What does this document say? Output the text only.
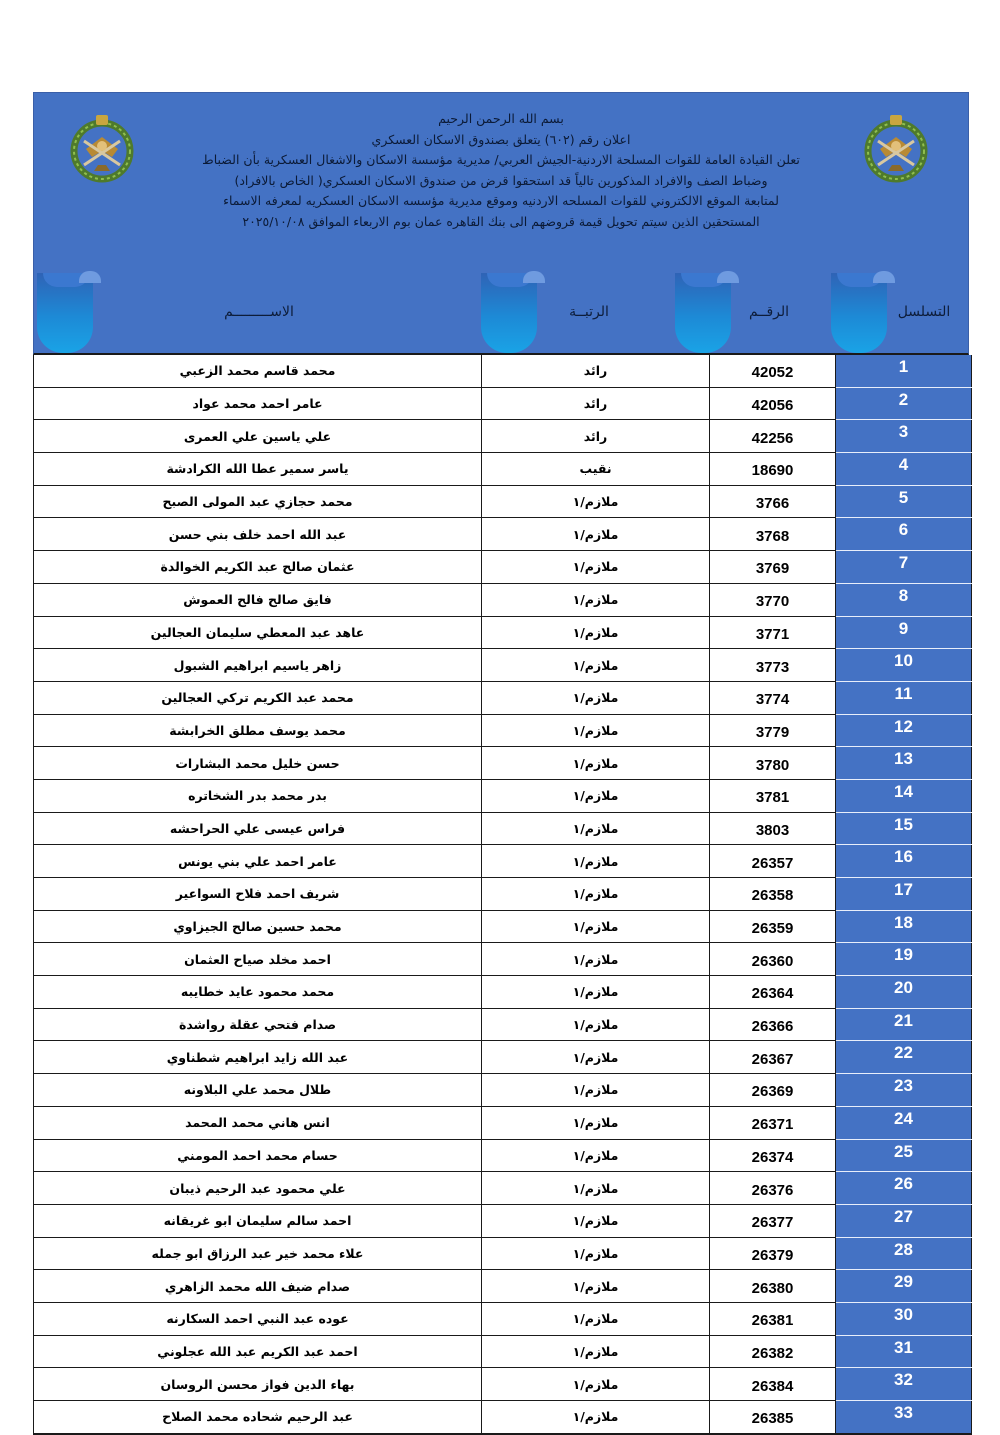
بسم الله الرحمن الرحيم
اعلان رقم (٦٠٢) يتعلق بصندوق الاسكان العسكري
تعلن القيادة العامة للقوات المسلحة الاردنية-الجيش العربي/ مديرية مؤسسة الاسكان والاشغال العسكرية بأن الضباط
وضباط الصف والافراد المذكورين تالياً قد استحقوا قرض من صندوق الاسكان العسكري( الخاص بالافراد)
لمتابعة الموقع الالكتروني للقوات المسلحه الاردنيه وموقع مديرية مؤسسه الاسكان العسكريه لمعرفه الاسماء
المستحقين الذين سيتم تحويل قيمة قروضهم الى بنك القاهره عمان بوم الاربعاء الموافق ٢٠٢٥/١٠/٠٨
الاســـــــــم	الرتبــة	الرقــم	التسلسل
محمد قاسم محمد الزعبي	رائد	42052	1
عامر احمد محمد عواد	رائد	42056	2
علي ياسين علي العمرى	رائد	42256	3
ياسر سمير عطا الله الكرادشة	نقيب	18690	4
محمد حجازي عبد المولى الصبح	ملازم/١	3766	5
عبد الله احمد خلف بني حسن	ملازم/١	3768	6
عثمان صالح عبد الكريم الخوالدة	ملازم/١	3769	7
فايق صالح فالح العموش	ملازم/١	3770	8
عاهد عبد المعطي سليمان العجالين	ملازم/١	3771	9
زاهر ياسيم ابراهيم الشبول	ملازم/١	3773	10
محمد عبد الكريم تركي العجالين	ملازم/١	3774	11
محمد يوسف مطلق الخرابشة	ملازم/١	3779	12
حسن خليل محمد البشارات	ملازم/١	3780	13
بدر محمد بدر الشخاتره	ملازم/١	3781	14
فراس عيسى علي الحراحشه	ملازم/١	3803	15
عامر احمد علي بني يونس	ملازم/١	26357	16
شريف احمد فلاح السواعير	ملازم/١	26358	17
محمد حسين صالح الجيزاوي	ملازم/١	26359	18
احمد مخلد صياح العثمان	ملازم/١	26360	19
محمد محمود عايد خطايبه	ملازم/١	26364	20
صدام فتحي عقلة رواشدة	ملازم/١	26366	21
عبد الله زايد ابراهيم شطناوي	ملازم/١	26367	22
طلال محمد علي البلاونه	ملازم/١	26369	23
انس هاني محمد المحمد	ملازم/١	26371	24
حسام محمد احمد المومني	ملازم/١	26374	25
علي محمود عبد الرحيم ذيبان	ملازم/١	26376	26
احمد سالم سليمان ابو غريقانه	ملازم/١	26377	27
علاء محمد خير عبد الرزاق ابو جمله	ملازم/١	26379	28
صدام ضيف الله محمد الزاهري	ملازم/١	26380	29
عوده عبد النبي احمد السكارنه	ملازم/١	26381	30
احمد عبد الكريم عبد الله عجلوني	ملازم/١	26382	31
بهاء الدين فواز محسن الروسان	ملازم/١	26384	32
عبد الرحيم شحاده محمد الصلاح	ملازم/١	26385	33
